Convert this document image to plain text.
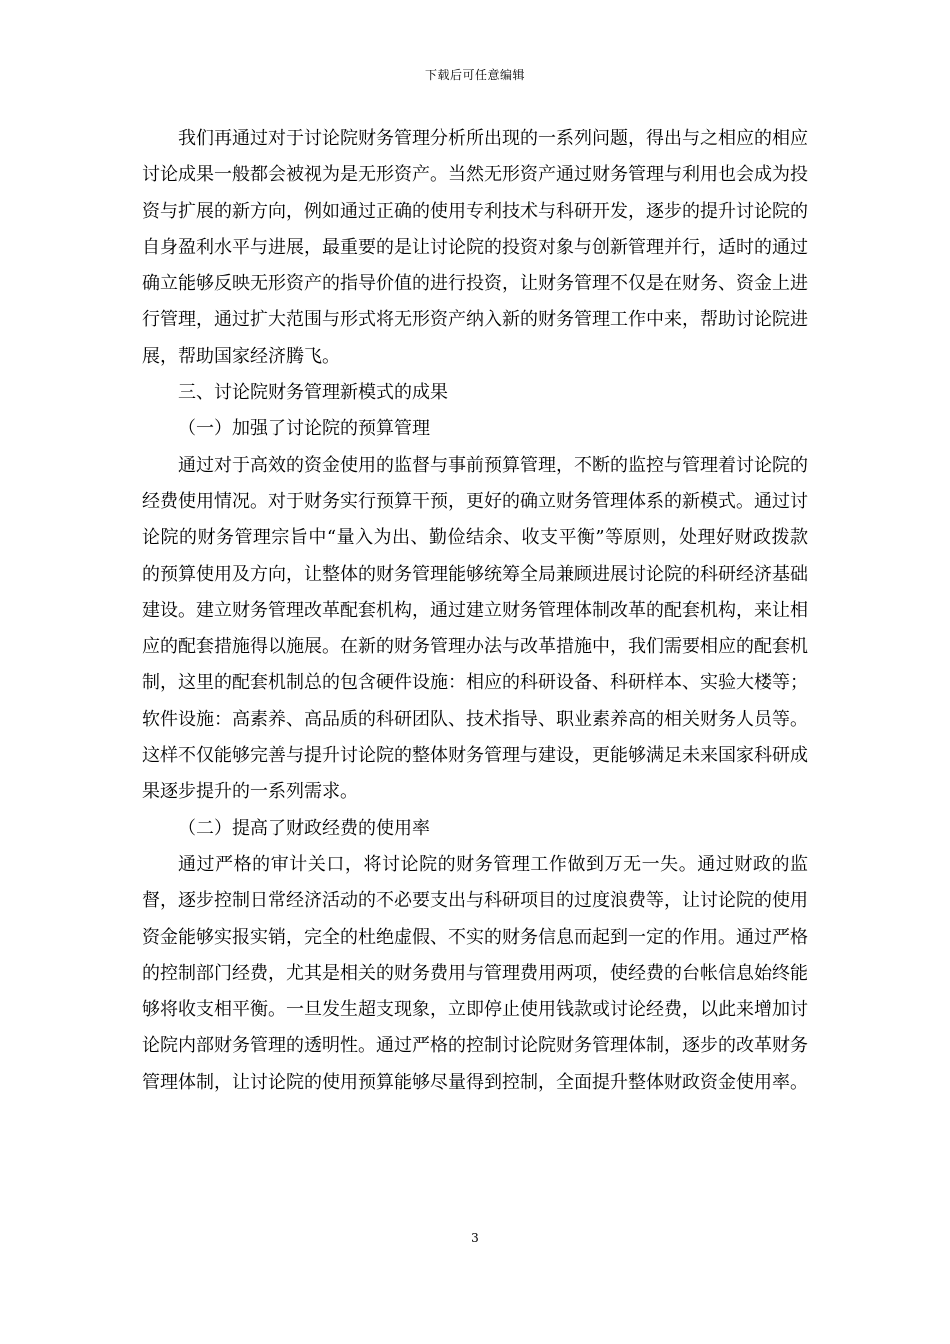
下载后可任意编辑

我们再通过对于讨论院财务管理分析所出现的一系列问题，得出与之相应的相应讨论成果一般都会被视为是无形资产。当然无形资产通过财务管理与利用也会成为投资与扩展的新方向，例如通过正确的使用专利技术与科研开发，逐步的提升讨论院的自身盈利水平与进展，最重要的是让讨论院的投资对象与创新管理并行，适时的通过确立能够反映无形资产的指导价值的进行投资，让财务管理不仅是在财务、资金上进行管理，通过扩大范围与形式将无形资产纳入新的财务管理工作中来，帮助讨论院进展，帮助国家经济腾飞。

三、讨论院财务管理新模式的成果

（一）加强了讨论院的预算管理

通过对于高效的资金使用的监督与事前预算管理，不断的监控与管理着讨论院的经费使用情况。对于财务实行预算干预，更好的确立财务管理体系的新模式。通过讨论院的财务管理宗旨中“量入为出、勤俭结余、收支平衡”等原则，处理好财政拨款的预算使用及方向，让整体的财务管理能够统筹全局兼顾进展讨论院的科研经济基础建设。建立财务管理改革配套机构，通过建立财务管理体制改革的配套机构，来让相应的配套措施得以施展。在新的财务管理办法与改革措施中，我们需要相应的配套机制，这里的配套机制总的包含硬件设施：相应的科研设备、科研样本、实验大楼等；软件设施：高素养、高品质的科研团队、技术指导、职业素养高的相关财务人员等。这样不仅能够完善与提升讨论院的整体财务管理与建设，更能够满足未来国家科研成果逐步提升的一系列需求。

（二）提高了财政经费的使用率

通过严格的审计关口，将讨论院的财务管理工作做到万无一失。通过财政的监督，逐步控制日常经济活动的不必要支出与科研项目的过度浪费等，让讨论院的使用资金能够实报实销，完全的杜绝虚假、不实的财务信息而起到一定的作用。通过严格的控制部门经费，尤其是相关的财务费用与管理费用两项，使经费的台帐信息始终能够将收支相平衡。一旦发生超支现象，立即停止使用钱款或讨论经费，以此来增加讨论院内部财务管理的透明性。通过严格的控制讨论院财务管理体制，逐步的改革财务管理体制，让讨论院的使用预算能够尽量得到控制，全面提升整体财政资金使用率。

3
